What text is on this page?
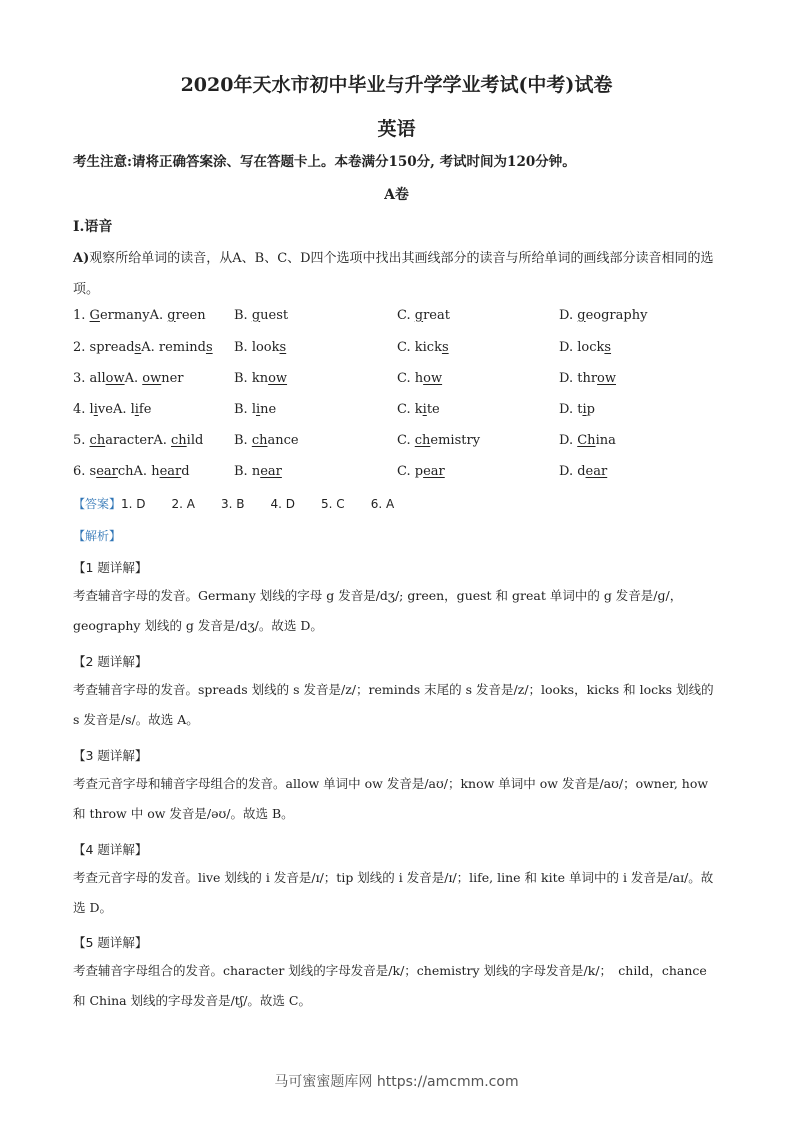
2020年天水市初中毕业与升学学业考试(中考)试卷
英语
考生注意:请将正确答案涂、写在答题卡上。本卷满分150分, 考试时间为120分钟。
A卷
I.语音
A)观察所给单词的读音，从A、B、C、D四个选项中找出其画线部分的读音与所给单词的画线部分读音相同的选项。
1. GermanyA. green B. guest	C. great	D. geography
2. spreadsA. reminds B. looks	C. kicks	D. locks
3. allowA. owner	B. know	C. how	D. throw
4. liveA. life	B. line	C. kite	D. tip
5. characterA. child B. chance	C. chemistry	D. China
6. searchA. heard	B. near	C. pear	D. dear
【答案】1. D 2. A 3. B 4. D 5. C 6. A
【解析】
【1 题详解】
考查辅音字母的发音。Germany 划线的字母 g 发音是/dʒ/; green，guest 和 great 单词中的 g 发音是/ɡ/，geography 划线的 g 发音是/dʒ/。故选 D。
【2 题详解】
考查辅音字母的发音。spreads 划线的 s 发音是/z/；reminds 末尾的 s 发音是/z/；looks，kicks 和 locks 划线的 s 发音是/s/。故选 A。
【3 题详解】
考查元音字母和辅音字母组合的发音。allow 单词中 ow 发音是/aʊ/；know 单词中 ow 发音是/aʊ/；owner, how 和 throw 中 ow 发音是/əʊ/。故选 B。
【4 题详解】
考查元音字母的发音。live 划线的 i 发音是/ɪ/；tip 划线的 i 发音是/ɪ/；life, line 和 kite 单词中的 i 发音是/aɪ/。故选 D。
【5 题详解】
考查辅音字母组合的发音。character 划线的字母发音是/k/；chemistry 划线的字母发音是/k/；　child，chance 和 China 划线的字母发音是/tʃ/。故选 C。
马可蜜蜜题库网 https://amcmm.com
